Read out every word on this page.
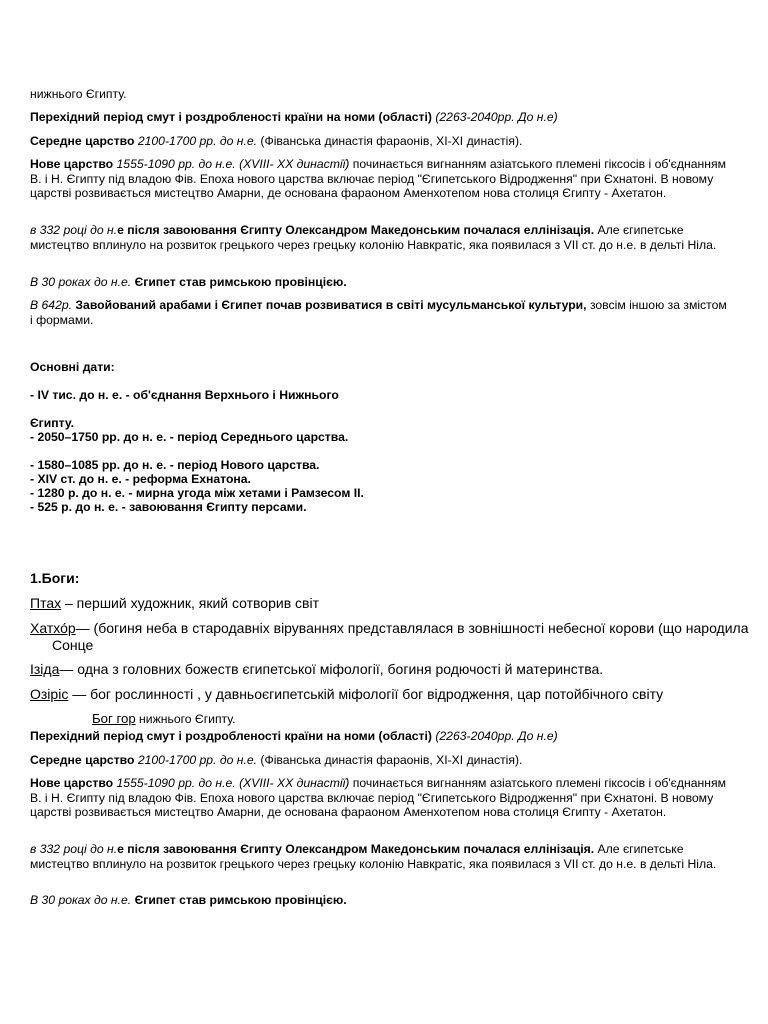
нижнього Єгипту.

Перехідний період смут і роздробленості країни на номи (області) (2263-2040рр. До н.е)

Середне царство 2100-1700 рр. до н.е. (Фіванська династія фараонів, XI-XI династія).

Нове царство 1555-1090 рр. до н.е. (XVIII- XX династії) починається вигнанням азіатського племені гіксосів і об'єднанням В. і Н. Єгипту під владою Фів. Епоха нового царства включає період "Єгипетського Відродження" при Єхнатоні. В новому царстві розвивається мистецтво Амарни, де основана фараоном Аменхотепом нова столиця Єгипту - Ахетатон.

в 332 році до н.е після завоювання Єгипту Олександром Македонським почалася еллінізація. Але єгипетське мистецтво вплинуло на розвиток грецького через грецьку колонію Навкратіс, яка появилася з VII ст. до н.е. в дельті Ніла.

В 30 роках до н.е. Єгипет став римською провінцією.

В 642р. Завойований арабами і Єгипет почав розвиватися в світі мусульманської культури, зовсім іншою за змістом і формами.

Основні дати:

- IV тис. до н. е. - об'єднання Верхнього і Нижнього

Єгипту.

- 2050–1750 рр. до н. е. - період Середнього царства.

- 1580–1085 рр. до н. е. - період Нового царства.

- XIV ст. до н. е. - реформа Ехнатона.

- 1280 р. до н. е. - мирна угода між хетами і Рамзесом II.

- 525 р. до н. е. - завоювання Єгипту персами.

1.Боги:

Птах – перший художник, який сотворив світ

Хатхо́р— (богиня неба в стародавніх віруваннях представлялася в зовнішності небесної корови (що народила Сонце

Ізіда— одна з головних божеств єгипетської міфології, богиня родючості й материнства.

Озіріс — бог рослинності , у давньоєгипетській міфології бог відродження, цар потойбічного світу

Бог гор нижнього Єгипту.

Перехідний період смут і роздробленості країни на номи (області) (2263-2040рр. До н.е)

Середне царство 2100-1700 рр. до н.е. (Фіванська династія фараонів, XI-XI династія).

Нове царство 1555-1090 рр. до н.е. (XVIII- XX династії) починається вигнанням азіатського племені гіксосів і об'єднанням В. і Н. Єгипту під владою Фів. Епоха нового царства включає період "Єгипетського Відродження" при Єхнатоні. В новому царстві розвивається мистецтво Амарни, де основана фараоном Аменхотепом нова столиця Єгипту - Ахетатон.

в 332 році до н.е після завоювання Єгипту Олександром Македонським почалася еллінізація. Але єгипетське мистецтво вплинуло на розвиток грецького через грецьку колонію Навкратіс, яка появилася з VII ст. до н.е. в дельті Ніла.

В 30 роках до н.е. Єгипет став римською провінцією.
